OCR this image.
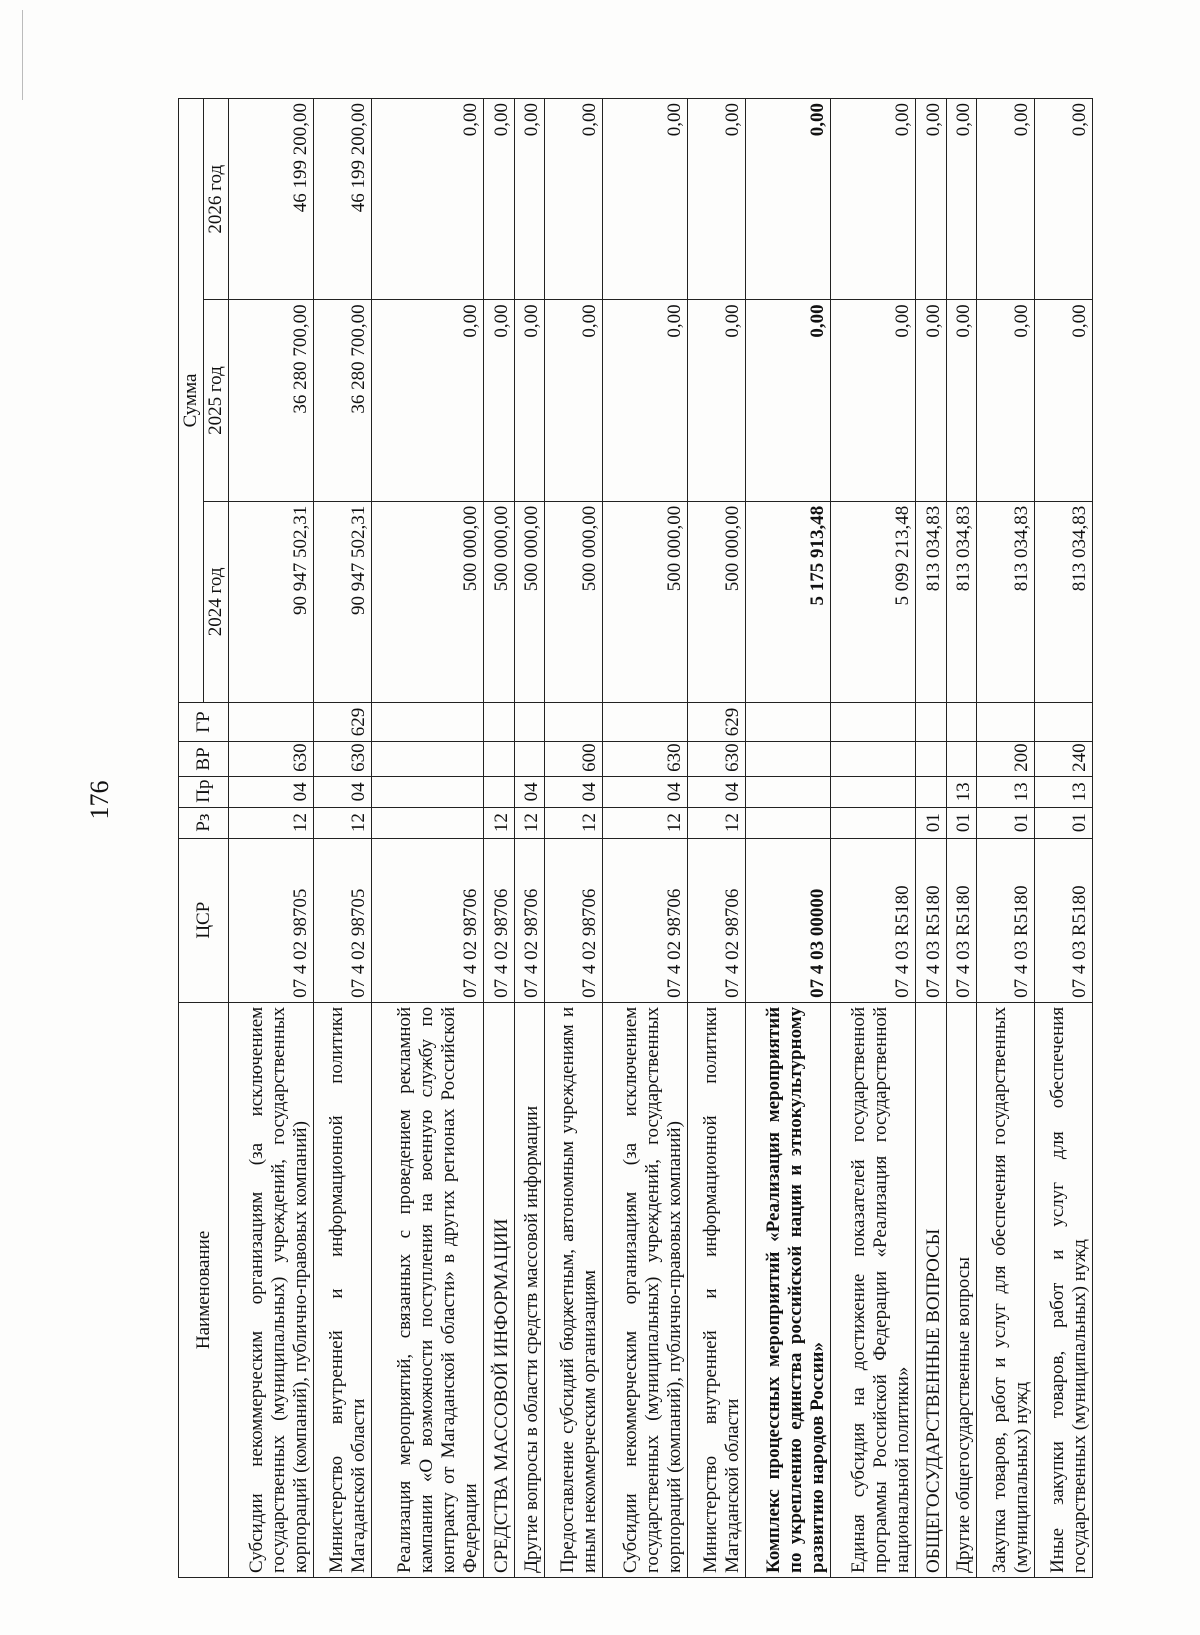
176
Наименование	ЦСР	Рз	Пр	ВР	ГР	Сумма		
						2024 год	2025 год	2026 год
Субсидии некоммерческим организациям (за исключением государственных (муниципальных) учреждений, государственных корпораций (компаний), публично-правовых компаний)	07 4 02 98705	12	04	630		90 947 502,31	36 280 700,00	46 199 200,00
Министерство внутренней и информационной политики Магаданской области	07 4 02 98705	12	04	630	629	90 947 502,31	36 280 700,00	46 199 200,00
Реализация мероприятий, связанных с проведением рекламной кампании «О возможности поступления на военную службу по контракту от Магаданской области» в других регионах Российской Федерации	07 4 02 98706					500 000,00	0,00	0,00
СРЕДСТВА МАССОВОЙ ИНФОРМАЦИИ	07 4 02 98706	12				500 000,00	0,00	0,00
Другие вопросы в области средств массовой информации	07 4 02 98706	12	04			500 000,00	0,00	0,00
Предоставление субсидий бюджетным, автономным учреждениям и иным некоммерческим организациям	07 4 02 98706	12	04	600		500 000,00	0,00	0,00
Субсидии некоммерческим организациям (за исключением государственных (муниципальных) учреждений, государственных корпораций (компаний), публично-правовых компаний)	07 4 02 98706	12	04	630		500 000,00	0,00	0,00
Министерство внутренней и информационной политики Магаданской области	07 4 02 98706	12	04	630	629	500 000,00	0,00	0,00
Комплекс процессных мероприятий «Реализация мероприятий по укреплению единства российской нации и этнокультурному развитию народов России»	07 4 03 00000					5 175 913,48	0,00	0,00
Единая субсидия на достижение показателей государственной программы Российской Федерации «Реализация государственной национальной политики»	07 4 03 R5180					5 099 213,48	0,00	0,00
ОБЩЕГОСУДАРСТВЕННЫЕ ВОПРОСЫ	07 4 03 R5180	01				813 034,83	0,00	0,00
Другие общегосударственные вопросы	07 4 03 R5180	01	13			813 034,83	0,00	0,00
Закупка товаров, работ и услуг для обеспечения государственных (муниципальных) нужд	07 4 03 R5180	01	13	200		813 034,83	0,00	0,00
Иные закупки товаров, работ и услуг для обеспечения государственных (муниципальных) нужд	07 4 03 R5180	01	13	240		813 034,83	0,00	0,00
